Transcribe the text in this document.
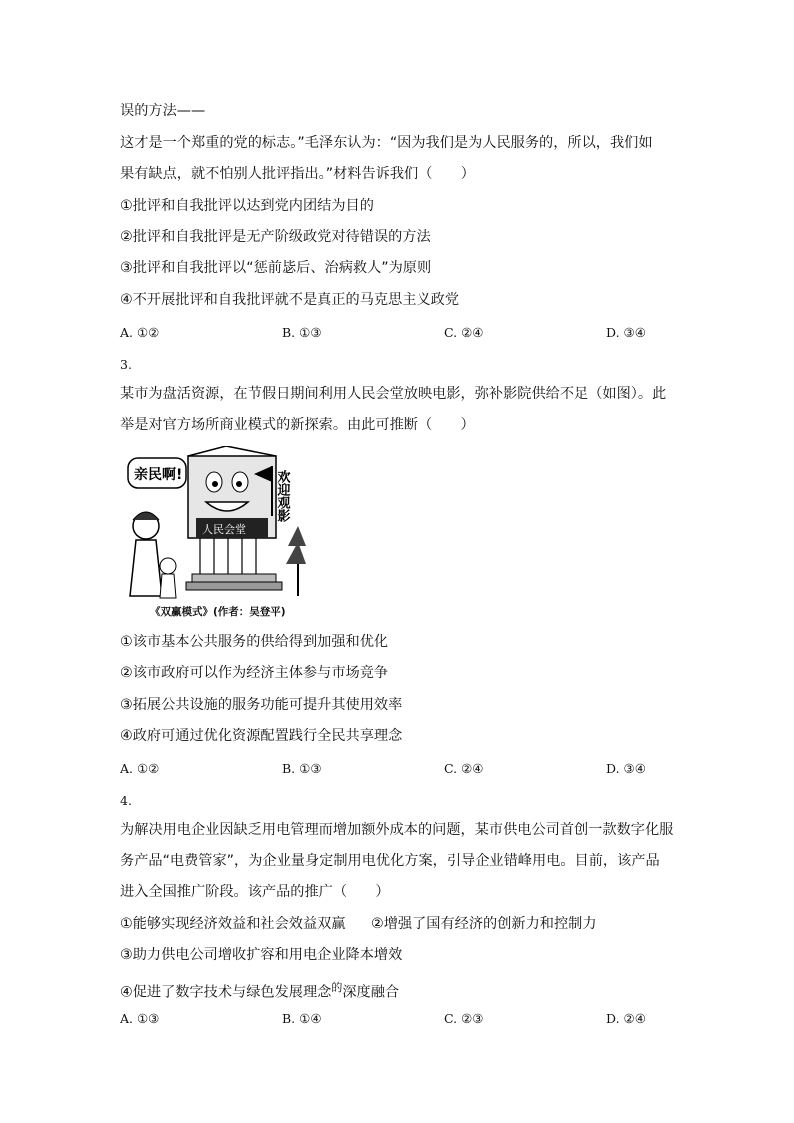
误的方法——
这才是一个郑重的党的标志。”毛泽东认为：“因为我们是为人民服务的，所以，我们如
果有缺点，就不怕别人批评指出。”材料告诉我们（　　）
①批评和自我批评以达到党内团结为目的
②批评和自我批评是无产阶级政党对待错误的方法
③批评和自我批评以“惩前毖后、治病救人”为原则
④不开展批评和自我批评就不是真正的马克思主义政党
A. ①②	B. ①③	C. ②④	D. ③④
3.
某市为盘活资源，在节假日期间利用人民会堂放映电影，弥补影院供给不足（如图）。此
举是对官方场所商业模式的新探索。由此可推断（　　）
亲民啊!
人民会堂
欢迎观影
《双赢模式》(作者：吴登平)
①该市基本公共服务的供给得到加强和优化
②该市政府可以作为经济主体参与市场竞争
③拓展公共设施的服务功能可提升其使用效率
④政府可通过优化资源配置践行全民共享理念
A. ①②	B. ①③	C. ②④	D. ③④
4.
为解决用电企业因缺乏用电管理而增加额外成本的问题，某市供电公司首创一款数字化服
务产品“电费管家”，为企业量身定制用电优化方案，引导企业错峰用电。目前，该产品
进入全国推广阶段。该产品的推广（　　）
①能够实现经济效益和社会效益双赢 ②增强了国有经济的创新力和控制力
③助力供电公司增收扩容和用电企业降本增效
④促进了数字技术与绿色发展理念$^的$深度融合
A. ①③	B. ①④	C. ②③	D. ②④
